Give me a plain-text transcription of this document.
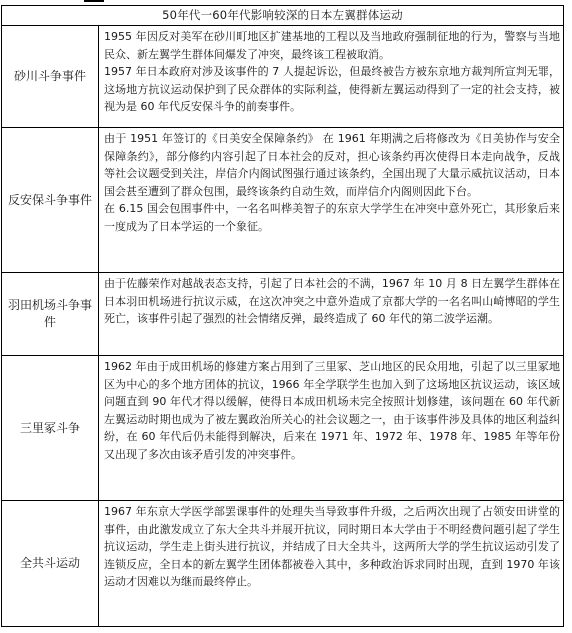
50年代一60年代影响较深的日本左翼群体运动	
砂川斗争事件	1955 年因反对美军在砂川町地区扩建基地的工程以及当地政府强制征地的行为，警察与当地民众、新左翼学生群体间爆发了冲突，最终该工程被取消。

1957 年日本政府对涉及该事件的 7 人提起诉讼，但最终被告方被东京地方裁判所宣判无罪，这场地方抗议运动保护到了民众群体的实际利益，使得新左翼运动得到了一定的社会支持，被视为是 60 年代反安保斗争的前奏事件。

反安保斗争事件	由于 1951 年签订的《日美安全保障条约》 在 1961 年期满之后将修改为《日美协作与安全保障条约》，部分修约内容引起了日本社会的反对，担心该条约再次使得日本走向战争，反战等社会议题受到关注，岸信介内阁试图强行通过该条约，全国出现了大量示威抗议活动，日本国会甚至遭到了群众包围，最终该条约自动生效，而岸信介内阁则因此下台。

在 6.15 国会包围事件中，一名名叫桦美智子的东京大学学生在冲突中意外死亡，其形象后来一度成为了日本学运的一个象征。

羽田机场斗争事件	由于佐藤荣作对越战表态支持，引起了日本社会的不满，1967 年 10 月 8 日左翼学生群体在日本羽田机场进行抗议示威，在这次冲突之中意外造成了京都大学的一名名叫山崎博昭的学生死亡，该事件引起了强烈的社会情绪反弹，最终造成了 60 年代的第二波学运潮。

三里冢斗争	1962 年由于成田机场的修建方案占用到了三里冢、芝山地区的民众用地，引起了以三里冢地区为中心的多个地方团体的抗议，1966 年全学联学生也加入到了这场地区抗议运动，该区域问题直到 90 年代才得以缓解，使得日本成田机场未完全按照计划修建，该问题在 60 年代新左翼运动时期也成为了被左翼政治所关心的社会议题之一，由于该事件涉及具体的地区利益纠纷，在 60 年代后仍未能得到解决，后来在 1971 年、1972 年、1978 年、1985 年等年份又出现了多次由该矛盾引发的冲突事件。

全共斗运动	1967 年东京大学医学部罢课事件的处理失当导致事件升级，之后两次出现了占领安田讲堂的事件，由此激发成立了东大全共斗并展开抗议，同时期日本大学由于不明经费问题引起了学生抗议运动，学生走上街头进行抗议，并结成了日大全共斗，这两所大学的学生抗议运动引发了连锁反应，全日本的新左翼学生团体都被卷入其中，多种政治诉求同时出现，直到 1970 年该运动才因难以为继而最终停止。
